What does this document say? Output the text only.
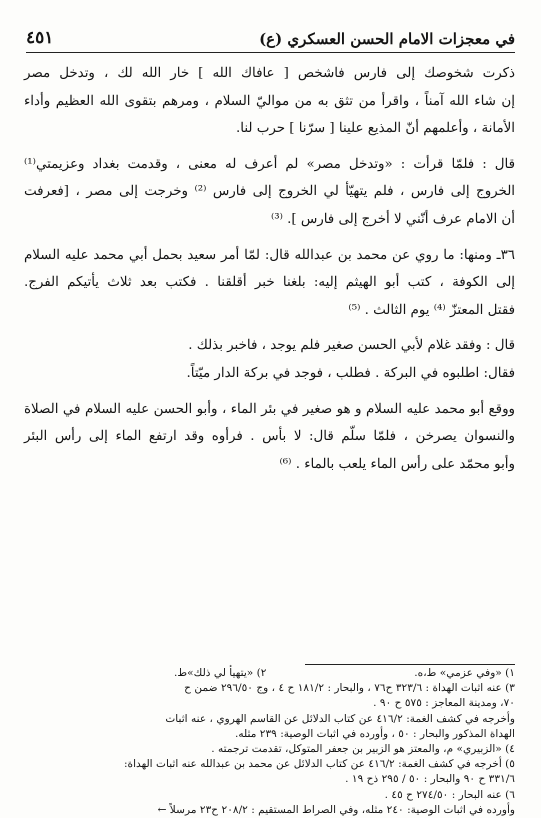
في معجزات الامام الحسن العسكري (ع)
٤٥١
ذكرت شخوصك إلى فارس فاشخص [ عافاك الله ] خار الله لك ، وتدخل مصر
إن شاء الله آمناً ، واقرأ من تثق به من مواليّ السلام ، ومرهم بتقوى الله العظيم وأداء
الأمانة ، وأعلمهم أنّ المذيع علينا [ سرّنا ] حرب لنا.
قال : فلمّا قرأت : «وتدخل مصر» لم أعرف له معنى ، وقدمت بغداد وعزيمتي⁽¹⁾
الخروج إلى فارس ، فلم يتهيّأ لي الخروج إلى فارس ⁽²⁾ وخرجت إلى مصر ، [فعرفت
أن الامام عرف أنّني لا أخرج إلى فارس ]. ⁽³⁾
٣٦ـ ومنها: ما روي عن محمد بن عبدالله قال: لمّا أمر سعيد بحمل أبي محمد عليه السلام
إلى الكوفة ، كتب أبو الهيثم إليه: بلغنا خبر أقلقنا . فكتب بعد ثلاث يأتيكم الفرج.
فقتل المعتزّ ⁽⁴⁾ يوم الثالث . ⁽⁵⁾
قال : وفقد غلام لأبي الحسن صغير فلم يوجد ، فاخبر بذلك .
فقال: اطلبوه في البركة . فطلب ، فوجد في بركة الدار ميّتاً.
ووقع أبو محمد عليه السلام و هو صغير في بئر الماء ، وأبو الحسن عليه السلام في الصلاة
والنسوان يصرخن ، فلمّا سلّم قال: لا بأس . فرأوه وقد ارتفع الماء إلى رأس البئر
وأبو محمّد على رأس الماء يلعب بالماء . ⁽⁶⁾
١) «وفي عزمي» ط،ه.
٢) «يتهيأ لي ذلك»ط.
٣) عنه اثبات الهداة : ٣٢٣/٦ ح٧٦ ، والبحار : ١٨١/٢ ح ٤ ، وج ٢٩٦/٥٠ ضمن ح
٧٠، ومدينة المعاجز : ٥٧٥ ح ٩٠ .
وأخرجه في كشف الغمة: ٤١٦/٢ عن كتاب الدلائل عن القاسم الهروي ، عنه اثبات
الهداة المذكور والبحار : ٥٠ ، وأورده في اثبات الوصية: ٢٣٩ مثله.
٤) «الزبيري» م، والمعتز هو الزبير بن جعفر المتوكل، تقدمت ترجمته .
٥) أخرجه في كشف الغمة: ٤١٦/٢ عن كتاب الدلائل عن محمد بن عبدالله عنه اثبات الهداة:
٣٣١/٦ ح ٩٠ والبحار : ٥٠ / ٢٩٥ ذح ١٩ .
٦) عنه البحار : ٢٧٤/٥٠ ح ٤٥ .
وأورده في اثبات الوصية: ٢٤٠ مثله، وفي الصراط المستقيم : ٢٠٨/٢ ح٢٣ مرسلاً ←
